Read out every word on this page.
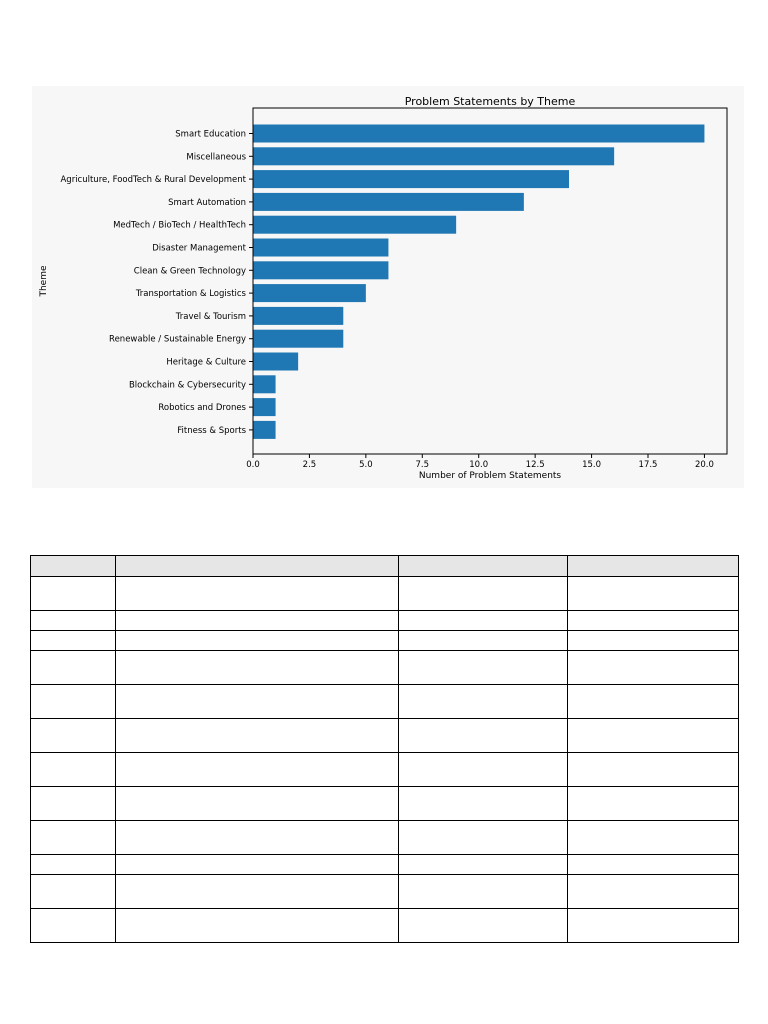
Problem Statements by Theme
Smart Education
Miscellaneous
Agriculture, FoodTech & Rural Development
Smart Automation
MedTech / BioTech / HealthTech
Disaster Management
Clean & Green Technology
Transportation & Logistics
Travel & Tourism
Renewable / Sustainable Energy
Heritage & Culture
Blockchain & Cybersecurity
Robotics and Drones
Fitness & Sports
0.0	2.5	5.0	7.5	10.0	12.5	15.0	17.5	20.0
Number of Problem Statements
Theme
